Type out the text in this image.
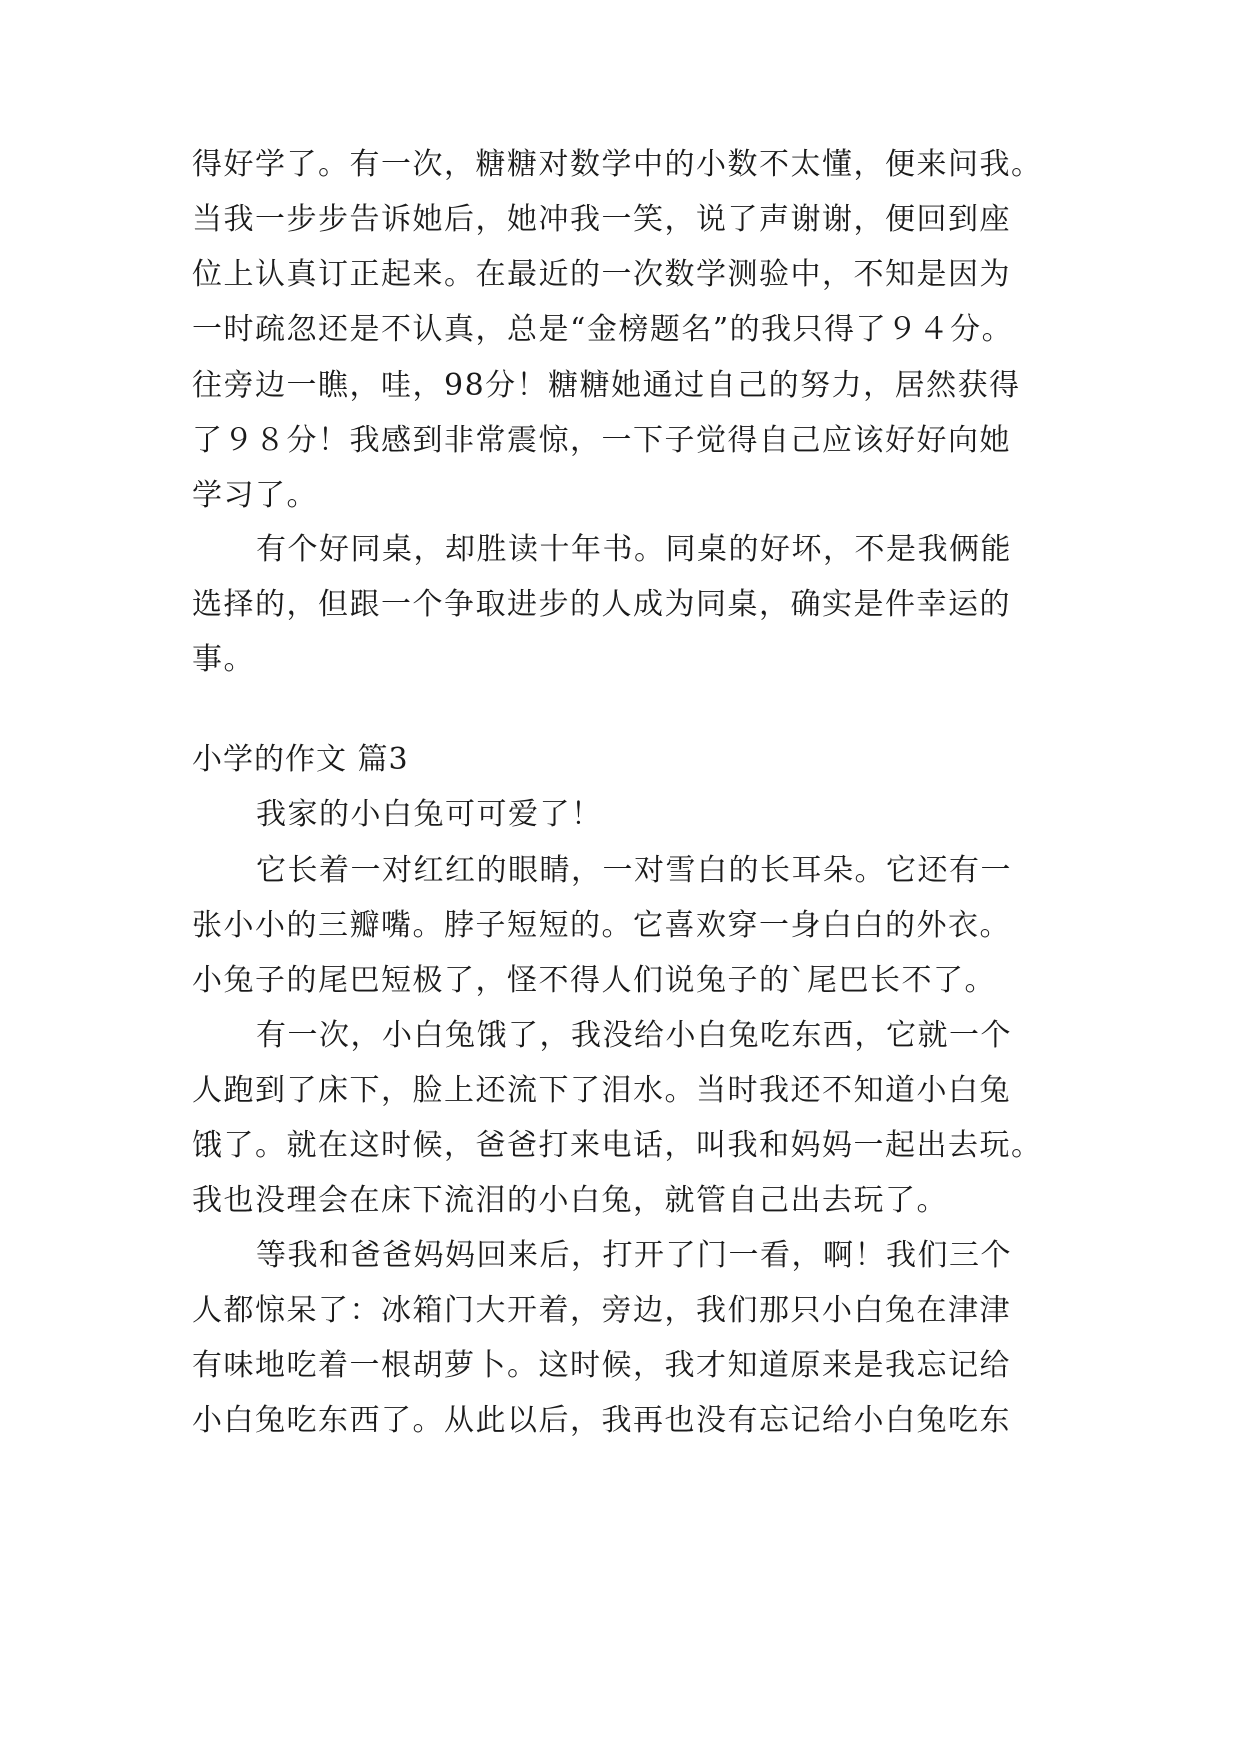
得好学了。有一次，糖糖对数学中的小数不太懂，便来问我。
当我一步步告诉她后，她冲我一笑，说了声谢谢，便回到座
位上认真订正起来。在最近的一次数学测验中，不知是因为
一时疏忽还是不认真，总是“金榜题名”的我只得了９４分。
往旁边一瞧，哇，98分！糖糖她通过自己的努力，居然获得
了９８分！我感到非常震惊，一下子觉得自己应该好好向她
学习了。
有个好同桌，却胜读十年书。同桌的好坏，不是我俩能
选择的，但跟一个争取进步的人成为同桌，确实是件幸运的
事。
小学的作文 篇3
我家的小白兔可可爱了！
它长着一对红红的眼睛，一对雪白的长耳朵。它还有一
张小小的三瓣嘴。脖子短短的。它喜欢穿一身白白的外衣。
小兔子的尾巴短极了，怪不得人们说兔子的`尾巴长不了。
有一次，小白兔饿了，我没给小白兔吃东西，它就一个
人跑到了床下，脸上还流下了泪水。当时我还不知道小白兔
饿了。就在这时候，爸爸打来电话，叫我和妈妈一起出去玩。
我也没理会在床下流泪的小白兔，就管自己出去玩了。
等我和爸爸妈妈回来后，打开了门一看，啊！我们三个
人都惊呆了：冰箱门大开着，旁边，我们那只小白兔在津津
有味地吃着一根胡萝卜。这时候，我才知道原来是我忘记给
小白兔吃东西了。从此以后，我再也没有忘记给小白兔吃东
